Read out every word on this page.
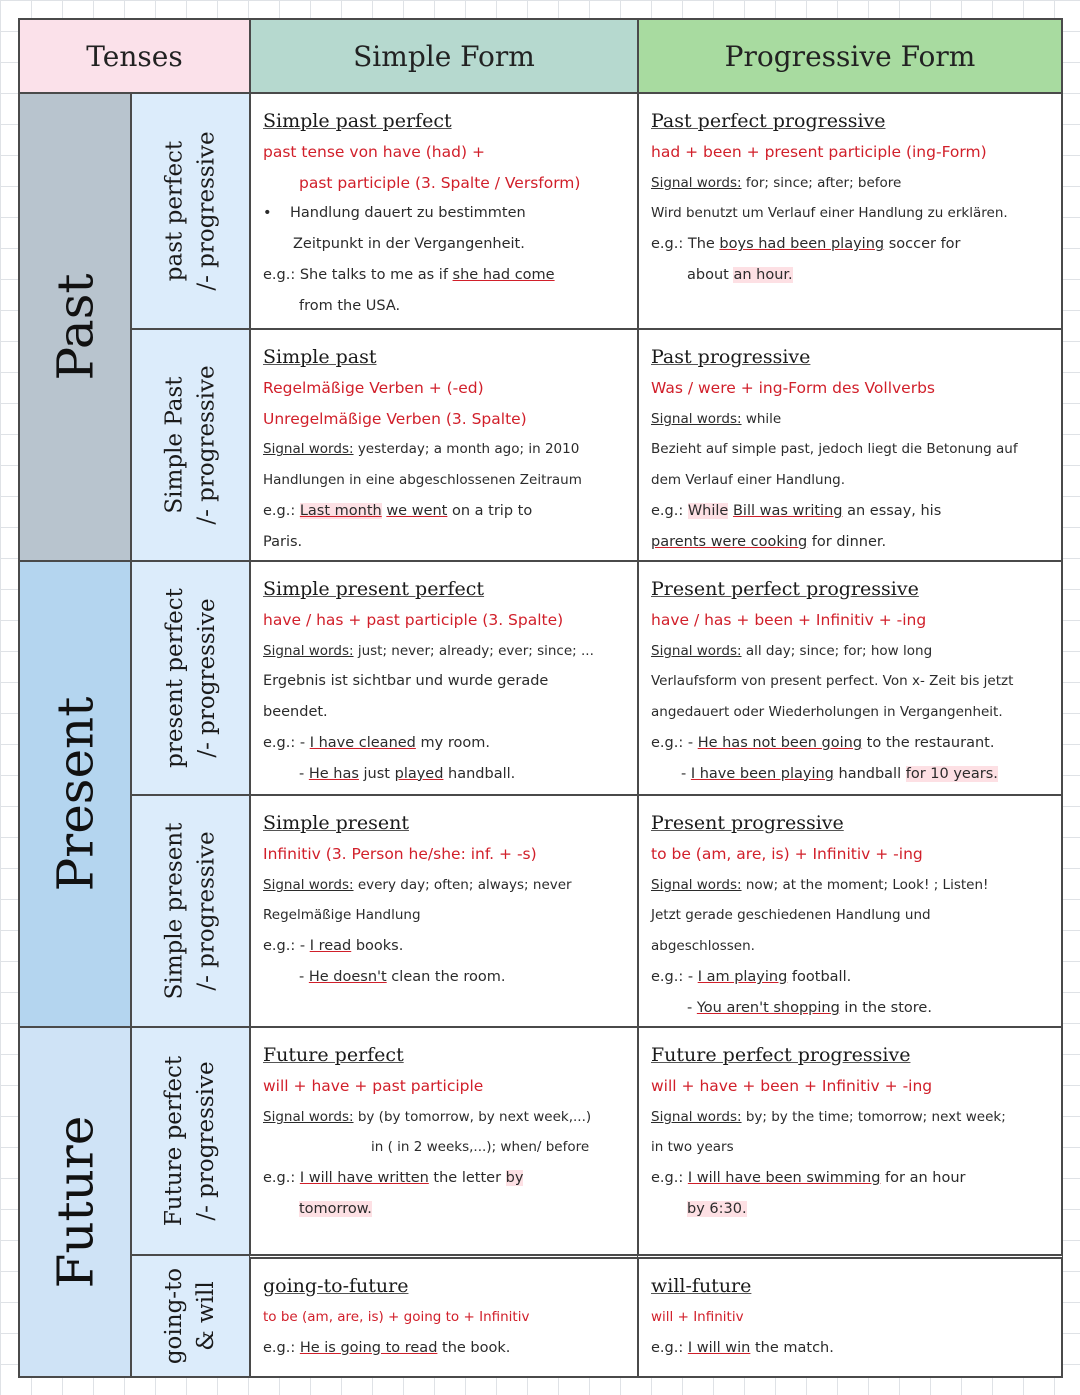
Tenses	Simple Form	Progressive Form
Past
Present
Future
past perfect /- progressive
Simple Past /- progressive
present perfect /- progressive
Simple present /- progressive
Future perfect /- progressive
going-to & will
Simple past perfect
past tense von have (had) +
past participle (3. Spalte / Versform)
• Handlung dauert zu bestimmten
Zeitpunkt in der Vergangenheit.
e.g.: She talks to me as if she had come
from the USA.
Past perfect progressive
had + been + present participle (ing-Form)
Signal words: for; since; after; before
Wird benutzt um Verlauf einer Handlung zu erklären.
e.g.: The boys had been playing soccer for
about an hour.
Simple past
Regelmäßige Verben + (-ed)
Unregelmäßige Verben (3. Spalte)
Signal words: yesterday; a month ago; in 2010
Handlungen in eine abgeschlossenen Zeitraum
e.g.: Last month we went on a trip to
Paris.
Past progressive
Was / were + ing-Form des Vollverbs
Signal words: while
Bezieht auf simple past, jedoch liegt die Betonung auf
dem Verlauf einer Handlung.
e.g.: While Bill was writing an essay, his
parents were cooking for dinner.
Simple present perfect
have / has + past participle (3. Spalte)
Signal words: just; never; already; ever; since; ...
Ergebnis ist sichtbar und wurde gerade
beendet.
e.g.: - I have cleaned my room.
- He has just played handball.
Present perfect progressive
have / has + been + Infinitiv + -ing
Signal words: all day; since; for; how long
Verlaufsform von present perfect. Von x- Zeit bis jetzt
angedauert oder Wiederholungen in Vergangenheit.
e.g.: - He has not been going to the restaurant.
- I have been playing handball for 10 years.
Simple present
Infinitiv (3. Person he/she: inf. + -s)
Signal words: every day; often; always; never
Regelmäßige Handlung
e.g.: - I read books.
- He doesn't clean the room.
Present progressive
to be (am, are, is) + Infinitiv + -ing
Signal words: now; at the moment; Look! ; Listen!
Jetzt gerade geschiedenen Handlung und
abgeschlossen.
e.g.: - I am playing football.
- You aren't shopping in the store.
Future perfect
will + have + past participle
Signal words: by (by tomorrow, by next week,...)
in ( in 2 weeks,...); when/ before
e.g.: I will have written the letter by
tomorrow.
Future perfect progressive
will + have + been + Infinitiv + -ing
Signal words: by; by the time; tomorrow; next week;
in two years
e.g.: I will have been swimming for an hour
by 6:30.
going-to-future
to be (am, are, is) + going to + Infinitiv
e.g.: He is going to read the book.
will-future
will + Infinitiv
e.g.: I will win the match.
